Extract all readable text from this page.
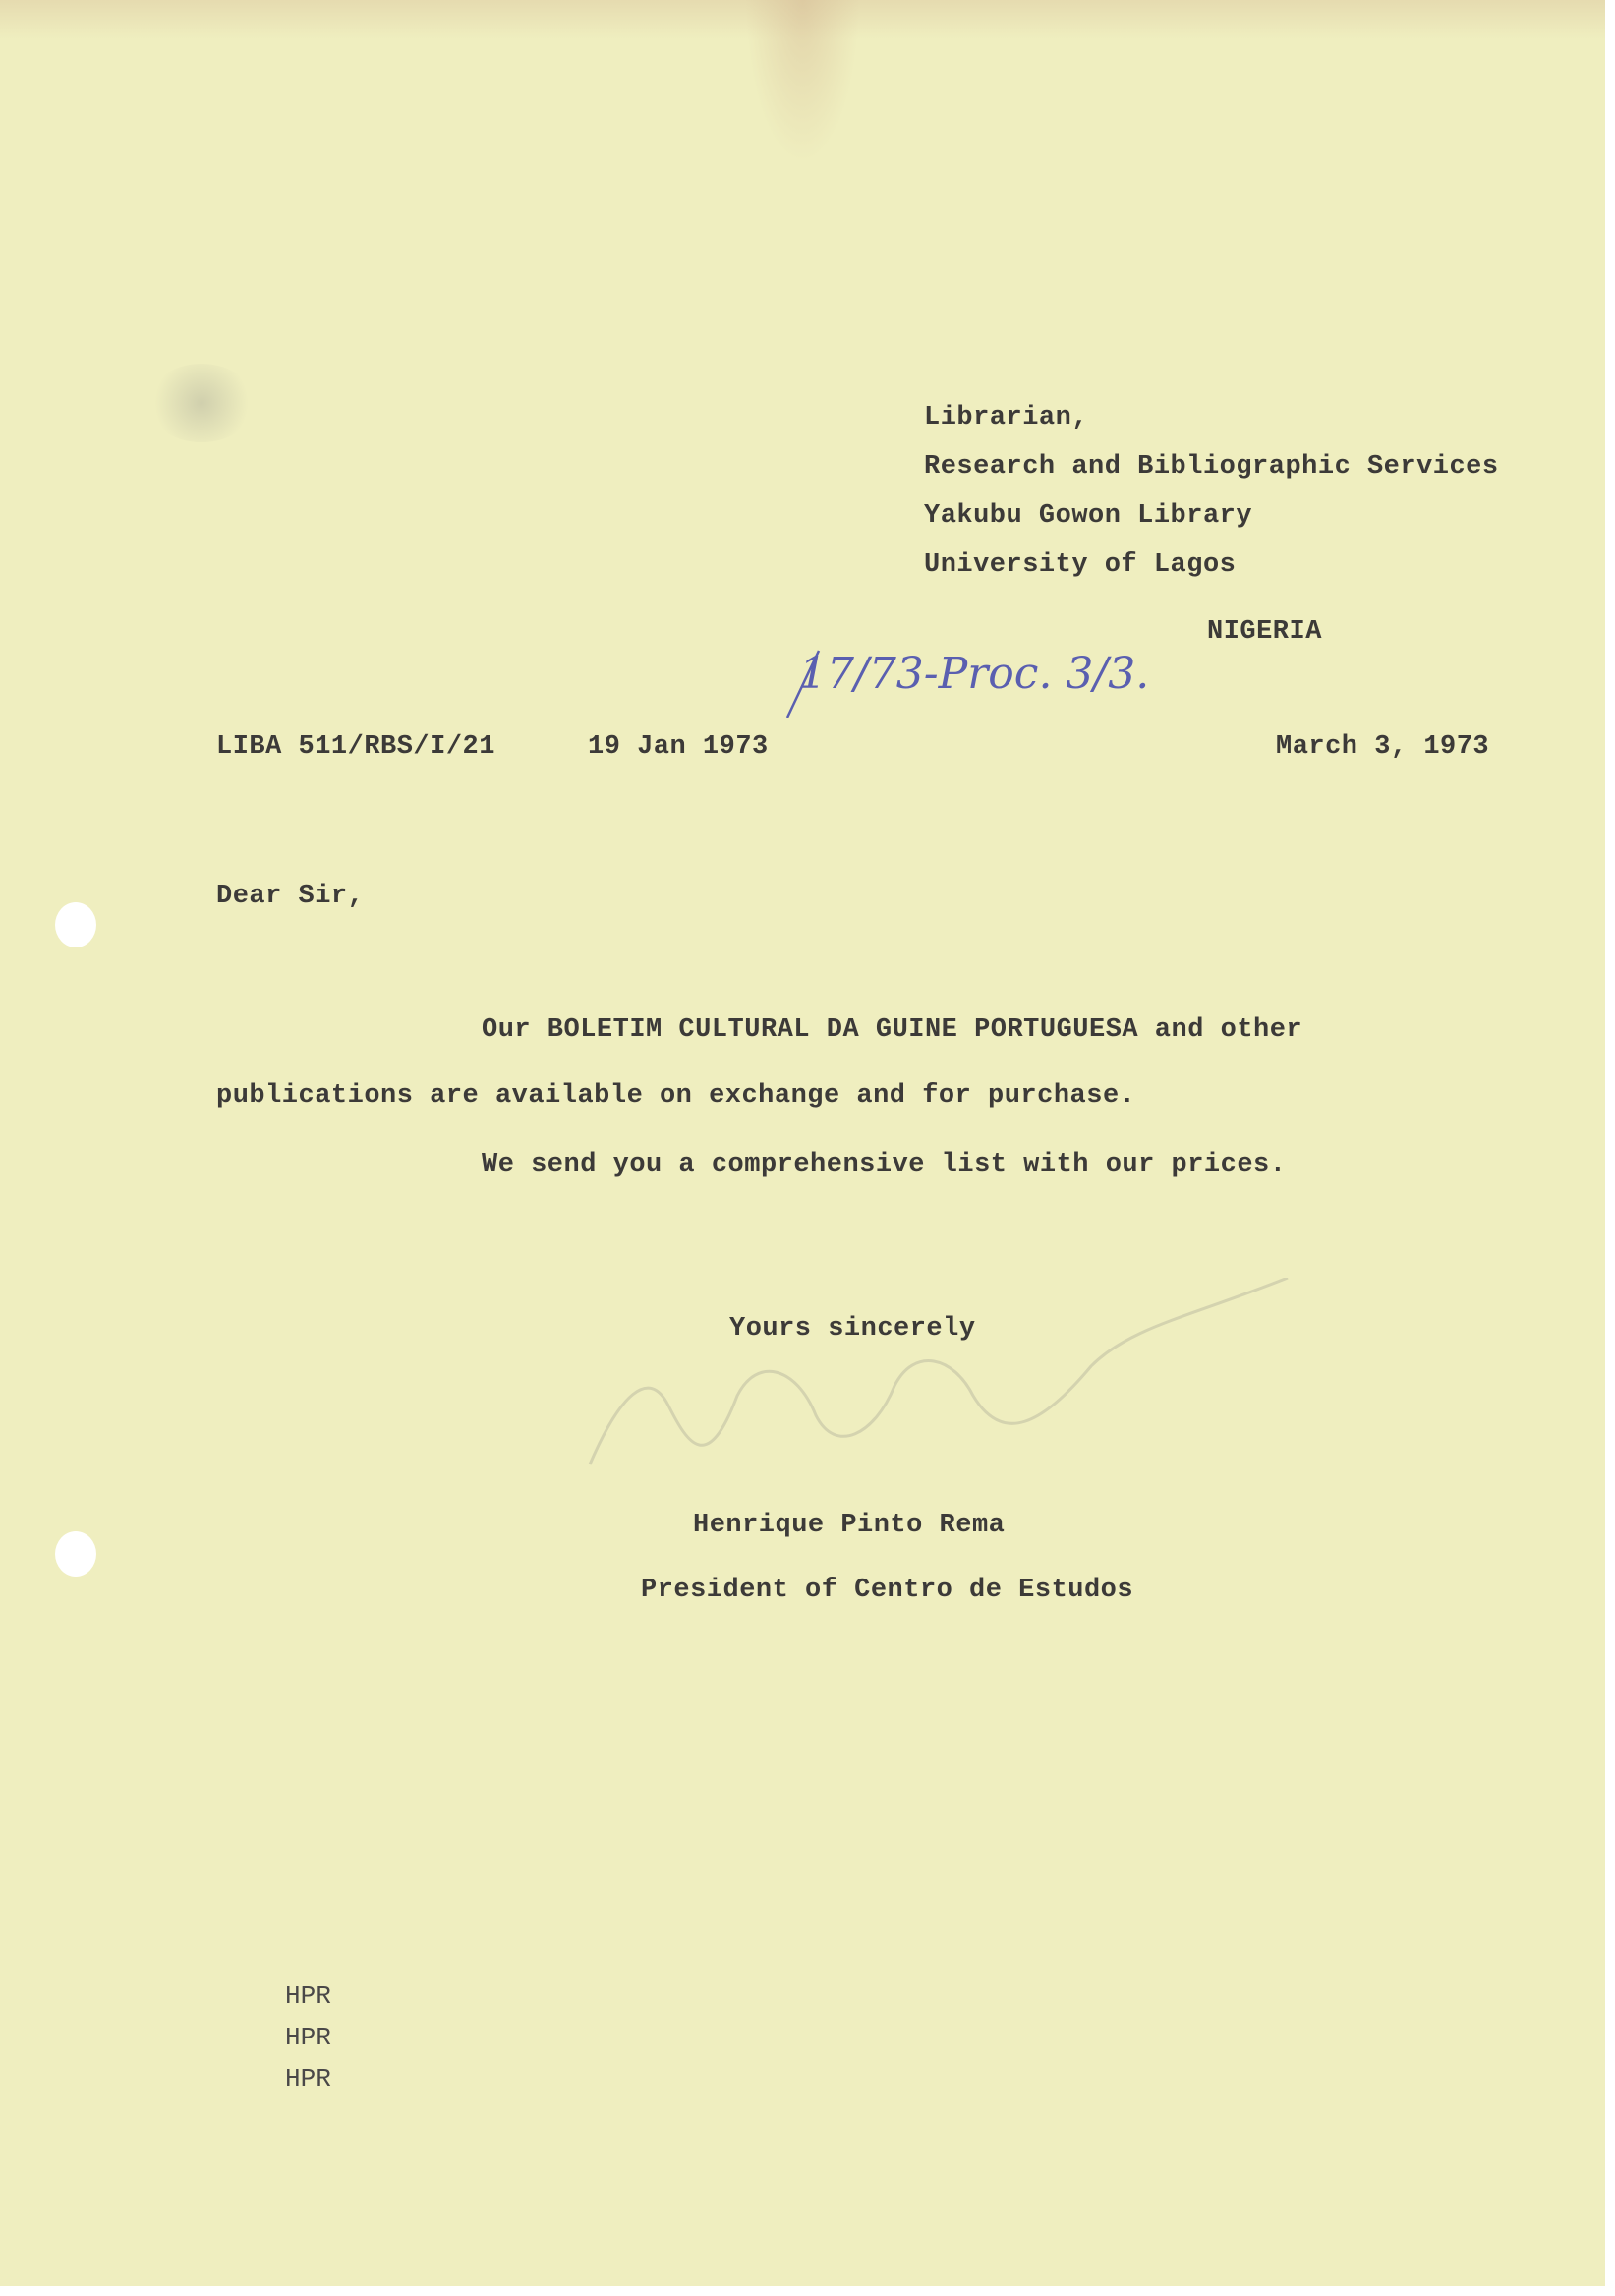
Librarian,

Research and Bibliographic Services

Yakubu Gowon Library

University of Lagos

NIGERIA

17/73-Proc. 3/3.

LIBA 511/RBS/I/21	19 Jan 1973	March 3, 1973

Dear Sir,

Our BOLETIM CULTURAL DA GUINE PORTUGUESA and other

publications are available on exchange and for purchase.

We send you a comprehensive list with our prices.

Yours sincerely

Henrique Pinto Rema

President of Centro de Estudos

HPR
HPR
HPR
